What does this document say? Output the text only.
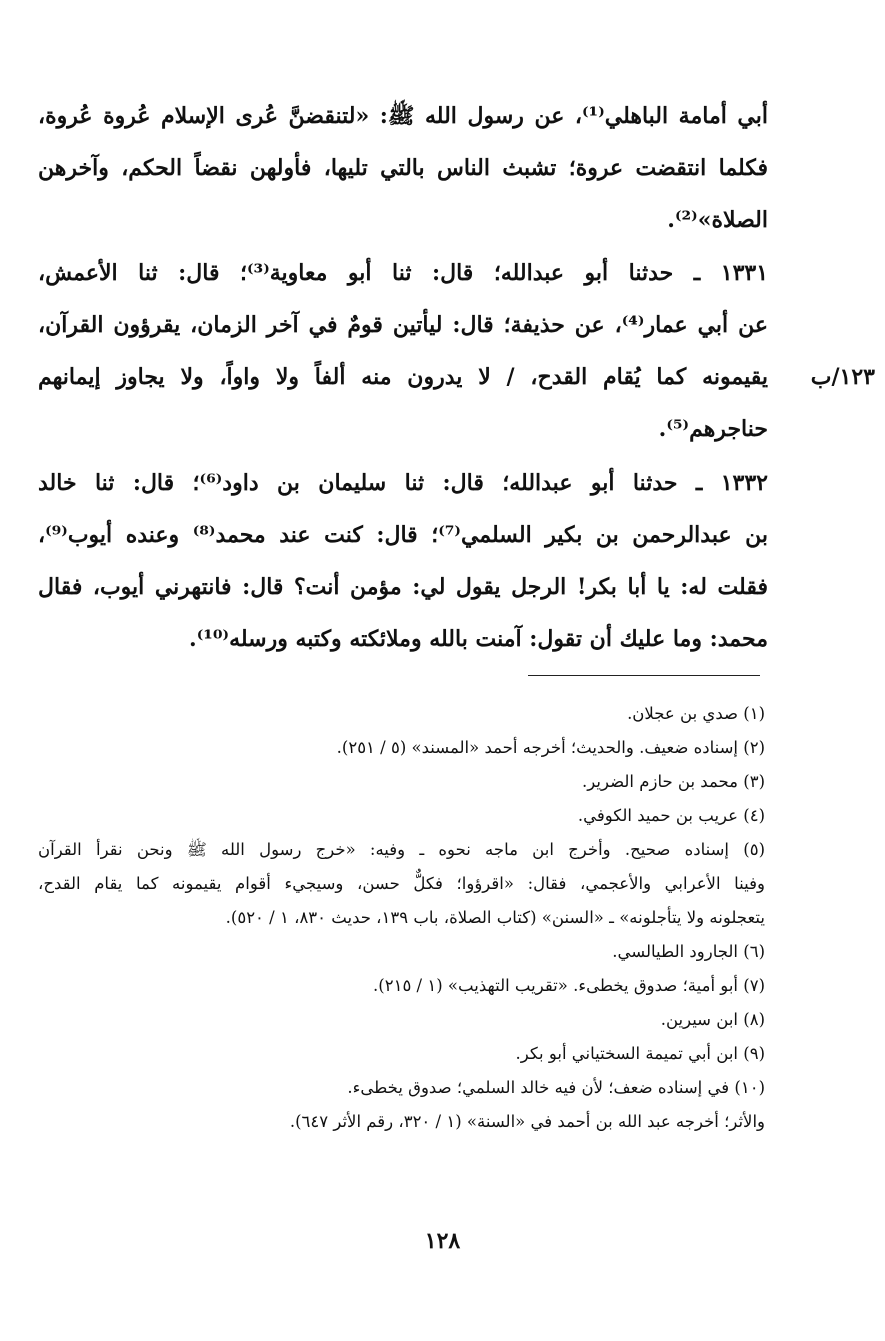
أبي أمامة الباهلي⁽¹⁾، عن رسول الله ﷺ: «لتنقضنَّ عُرى الإسلام عُروة عُروة،
فكلما انتقضت عروة؛ تشبث الناس بالتي تليها، فأولهن نقضاً الحكم، وآخرهن
الصلاة»⁽²⁾.
١٣٣١ ـ حدثنا أبو عبدالله؛ قال: ثنا أبو معاوية⁽³⁾؛ قال: ثنا الأعمش،
عن أبي عمار⁽⁴⁾، عن حذيفة؛ قال: ليأتين قومٌ في آخر الزمان، يقرؤون القرآن،
يقيمونه كما يُقام القدح، / لا يدرون منه ألفاً ولا واواً، ولا يجاوز إيمانهم
حناجرهم⁽⁵⁾.
١٢٣/ب
١٣٣٢ ـ حدثنا أبو عبدالله؛ قال: ثنا سليمان بن داود⁽⁶⁾؛ قال: ثنا خالد
بن عبدالرحمن بن بكير السلمي⁽⁷⁾؛ قال: كنت عند محمد⁽⁸⁾ وعنده أيوب⁽⁹⁾،
فقلت له: يا أبا بكر! الرجل يقول لي: مؤمن أنت؟ قال: فانتهرني أيوب، فقال
محمد: وما عليك أن تقول: آمنت بالله وملائكته وكتبه ورسله⁽¹⁰⁾.
(١) صدي بن عجلان.
(٢) إسناده ضعيف. والحديث؛ أخرجه أحمد «المسند» (٥ / ٢٥١).
(٣) محمد بن حازم الضرير.
(٤) عريب بن حميد الكوفي.
(٥) إسناده صحيح. وأخرج ابن ماجه نحوه ـ وفيه: «خرج رسول الله ﷺ ونحن نقرأ القرآن
وفينا الأعرابي والأعجمي، فقال: «اقرؤوا؛ فكلٌّ حسن، وسيجيء أقوام يقيمونه كما يقام القدح،
يتعجلونه ولا يتأجلونه» ـ «السنن» (كتاب الصلاة، باب ١٣٩، حديث ٨٣٠، ١ / ٥٢٠).
(٦) الجارود الطيالسي.
(٧) أبو أمية؛ صدوق يخطىء. «تقريب التهذيب» (١ / ٢١٥).
(٨) ابن سيرين.
(٩) ابن أبي تميمة السختياني أبو بكر.
(١٠) في إسناده ضعف؛ لأن فيه خالد السلمي؛ صدوق يخطىء.
والأثر؛ أخرجه عبد الله بن أحمد في «السنة» (١ / ٣٢٠، رقم الأثر ٦٤٧).
١٢٨
